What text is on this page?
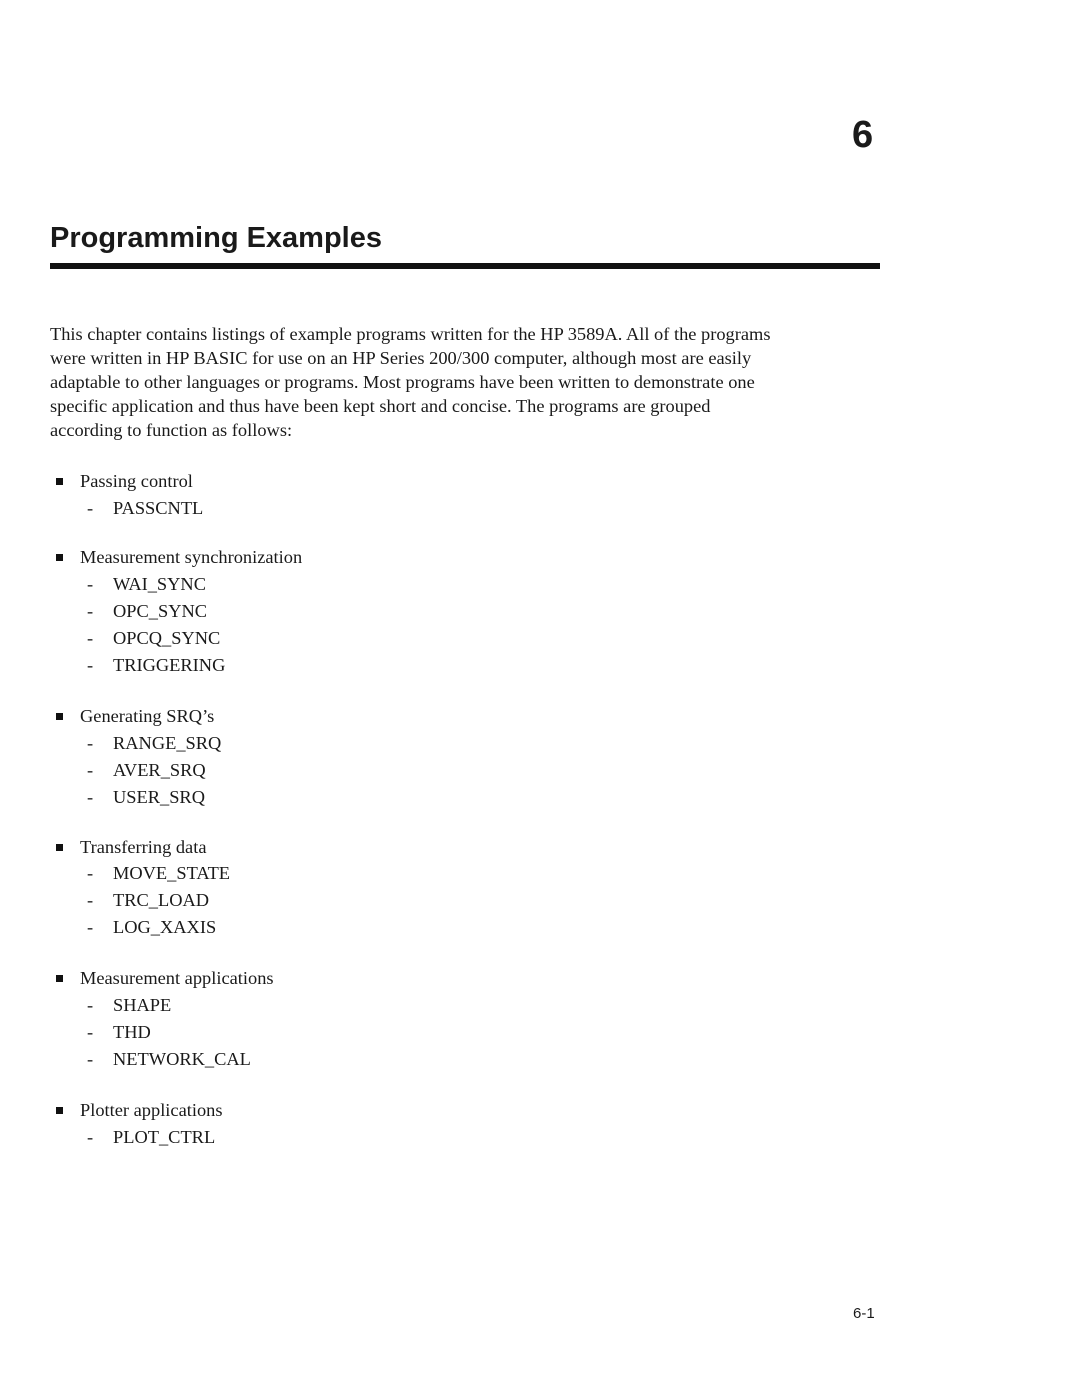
6
Programming Examples
This chapter contains listings of example programs written for the HP 3589A. All of the programs
were written in HP BASIC for use on an HP Series 200/300 computer, although most are easily
adaptable to other languages or programs. Most programs have been written to demonstrate one
specific application and thus have been kept short and concise. The programs are grouped
according to function as follows:
Passing control
- PASSCNTL
Measurement synchronization
- WAI_SYNC
- OPC_SYNC
- OPCQ_SYNC
- TRIGGERING
Generating SRQ’s
- RANGE_SRQ
- AVER_SRQ
- USER_SRQ
Transferring data
- MOVE_STATE
- TRC_LOAD
- LOG_XAXIS
Measurement applications
- SHAPE
- THD
- NETWORK_CAL
Plotter applications
- PLOT_CTRL
6-1
